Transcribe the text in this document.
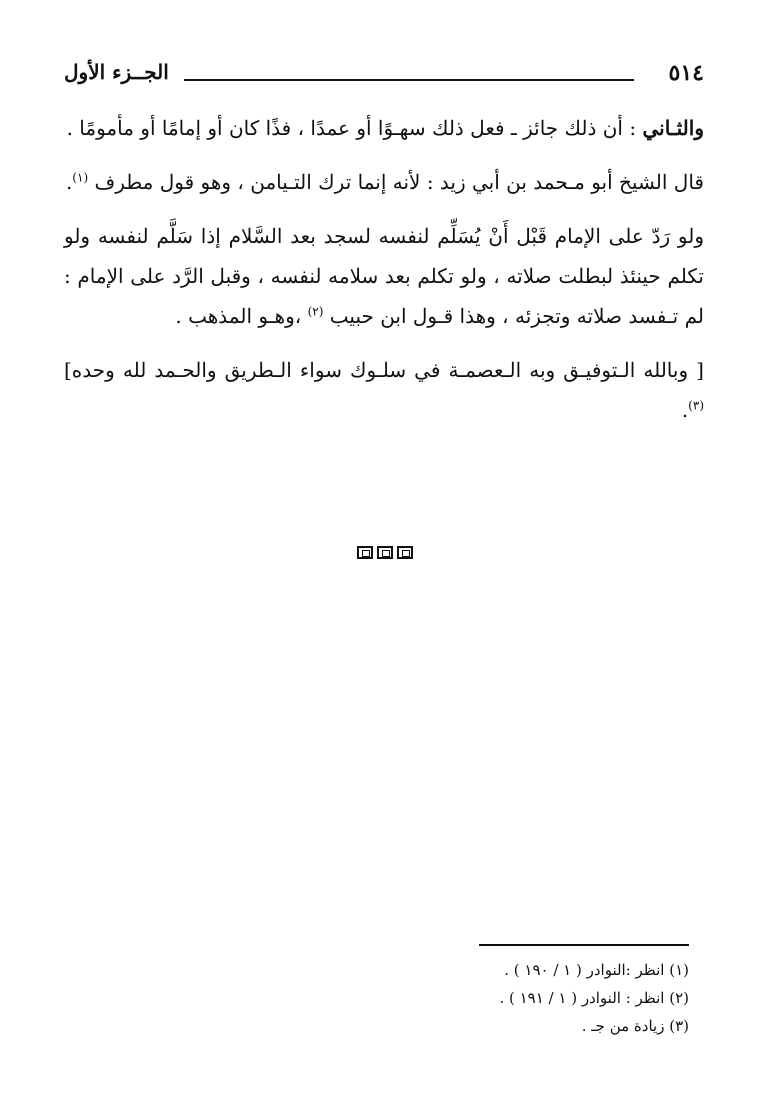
٥١٤
الجــزء الأول

والثـاني : أن ذلك جائز ـ فعل ذلك سهـوًا أو عمدًا ، فذًا كان أو إمامًا أو مأمومًا .

قال الشيخ أبو مـحمد بن أبي زيد : لأنه إنما ترك التـيامن ، وهو قول مطرف $^{(١)}$.

ولو رَدّ على الإمام قَبْل أَنْ يُسَلِّم لنفسه لسجد بعد السَّلام إذا سَلَّم لنفسه ولو تكلم حينئذ لبطلت صلاته ، ولو تكلم بعد سلامه لنفسه ، وقبل الرَّد على الإمام : لم تـفسد صلاته وتجزئه ، وهذا قـول ابن حبيب $^{(٢)}$ ،وهـو المذهب .

[ وبالله الـتوفيـق وبه الـعصمـة في سلـوك سواء الـطريق والحـمد لله وحده]$^{(٣)}$.

(١) انظر :النوادر ( ١ / ١٩٠ ) .

(٢) انظر : النوادر ( ١ / ١٩١ ) .

(٣) زيادة من جـ .
